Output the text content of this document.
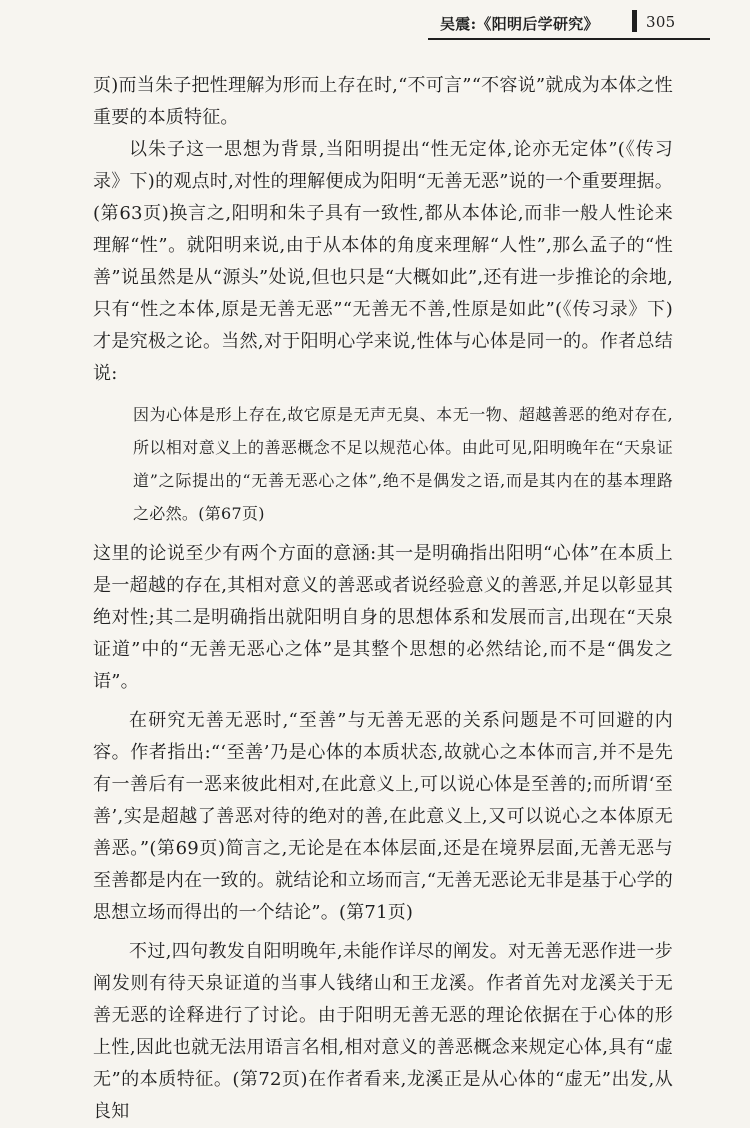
吴震:《阳明后学研究》	305

页)而当朱子把性理解为形而上存在时,“不可言”“不容说”就成为本体之性重要的本质特征。

以朱子这一思想为背景,当阳明提出“性无定体,论亦无定体”(《传习录》下)的观点时,对性的理解便成为阳明“无善无恶”说的一个重要理据。(第63页)换言之,阳明和朱子具有一致性,都从本体论,而非一般人性论来理解“性”。就阳明来说,由于从本体的角度来理解“人性”,那么孟子的“性善”说虽然是从“源头”处说,但也只是“大概如此”,还有进一步推论的余地,只有“性之本体,原是无善无恶”“无善无不善,性原是如此”(《传习录》下)才是究极之论。当然,对于阳明心学来说,性体与心体是同一的。作者总结说:

因为心体是形上存在,故它原是无声无臭、本无一物、超越善恶的绝对存在,所以相对意义上的善恶概念不足以规范心体。由此可见,阳明晚年在“天泉证道”之际提出的“无善无恶心之体”,绝不是偶发之语,而是其内在的基本理路之必然。(第67页)

这里的论说至少有两个方面的意涵:其一是明确指出阳明“心体”在本质上是一超越的存在,其相对意义的善恶或者说经验意义的善恶,并足以彰显其绝对性;其二是明确指出就阳明自身的思想体系和发展而言,出现在“天泉证道”中的“无善无恶心之体”是其整个思想的必然结论,而不是“偶发之语”。

在研究无善无恶时,“至善”与无善无恶的关系问题是不可回避的内容。作者指出:“‘至善’乃是心体的本质状态,故就心之本体而言,并不是先有一善后有一恶来彼此相对,在此意义上,可以说心体是至善的;而所谓‘至善’,实是超越了善恶对待的绝对的善,在此意义上,又可以说心之本体原无善恶。”(第69页)简言之,无论是在本体层面,还是在境界层面,无善无恶与至善都是内在一致的。就结论和立场而言,“无善无恶论无非是基于心学的思想立场而得出的一个结论”。(第71页)

不过,四句教发自阳明晚年,未能作详尽的阐发。对无善无恶作进一步阐发则有待天泉证道的当事人钱绪山和王龙溪。作者首先对龙溪关于无善无恶的诠释进行了讨论。由于阳明无善无恶的理论依据在于心体的形上性,因此也就无法用语言名相,相对意义的善恶概念来规定心体,具有“虚无”的本质特征。(第72页)在作者看来,龙溪正是从心体的“虚无”出发,从良知
